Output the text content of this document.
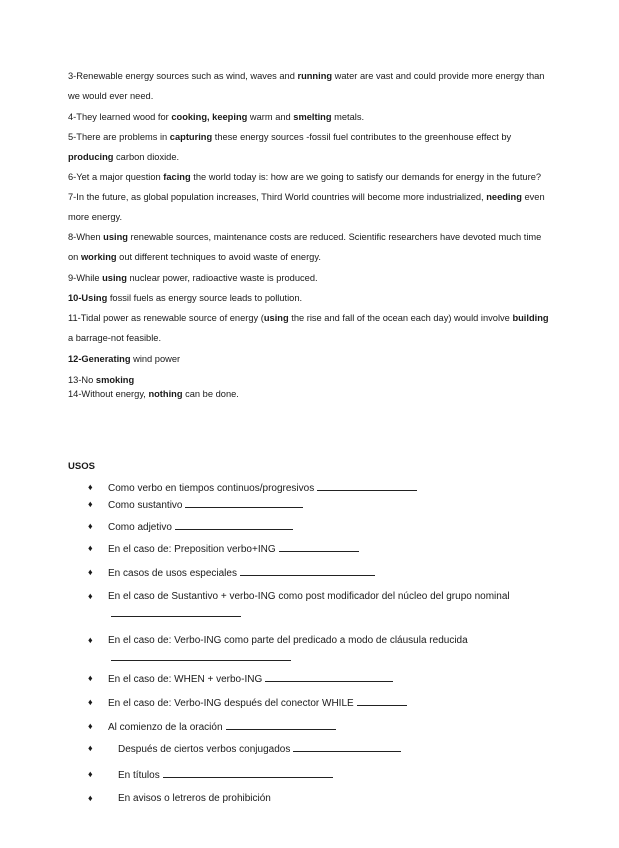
3-Renewable energy sources such as wind, waves and running water are vast and could provide more energy than we would ever need.

4-They learned wood for cooking, keeping warm and smelting metals.

5-There are problems in capturing these energy sources -fossil fuel contributes to the greenhouse effect by producing carbon dioxide.

6-Yet a major question facing the world today is: how are we going to satisfy our demands for energy in the future?

7-In the future, as global population increases, Third World countries will become more industrialized, needing even more energy.

8-When using renewable sources, maintenance costs are reduced. Scientific researchers have devoted much time on working out different techniques to avoid waste of energy.

9-While using nuclear power, radioactive waste is produced.

10-Using fossil fuels as energy source leads to pollution.

11-Tidal power as renewable source of energy (using the rise and fall of the ocean each day) would involve building a barrage-not feasible.

12-Generating wind power

13-No smoking

14-Without energy, nothing can be done.

USOS

♦ Como verbo en tiempos continuos/progresivos
♦ Como sustantivo
♦ Como adjetivo
♦ En el caso de: Preposition verbo+ING
♦ En casos de usos especiales
♦ En el caso de Sustantivo + verbo-ING como post modificador del núcleo del grupo nominal
♦ En el caso de: Verbo-ING como parte del predicado a modo de cláusula reducida
♦ En el caso de: WHEN + verbo-ING
♦ En el caso de: Verbo-ING después del conector WHILE
♦ Al comienzo de la oración
♦	Después de ciertos verbos conjugados
♦	En títulos
♦	En avisos o letreros de prohibición
